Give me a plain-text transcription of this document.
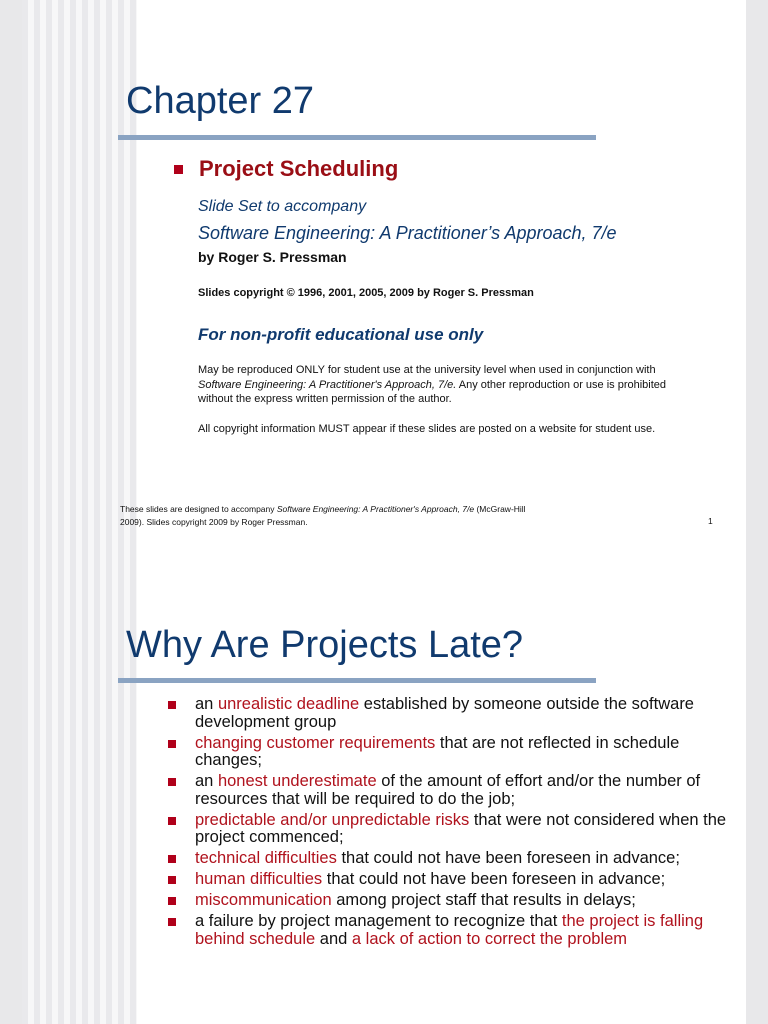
Chapter 27
Project Scheduling
Slide Set to accompany
Software Engineering: A Practitioner’s Approach, 7/e
by Roger S. Pressman
Slides copyright © 1996, 2001, 2005, 2009 by Roger S. Pressman
For non-profit educational use only

May be reproduced ONLY for student use at the university level when used in conjunction with Software Engineering: A Practitioner's Approach, 7/e. Any other reproduction or use is prohibited without the express written permission of the author.

All copyright information MUST appear if these slides are posted on a website for student use.

These slides are designed to accompany Software Engineering: A Practitioner's Approach, 7/e (McGraw-Hill 2009). Slides copyright 2009 by Roger Pressman.	1
Why Are Projects Late?
an unrealistic deadline established by someone outside the software development group
changing customer requirements that are not reflected in schedule changes;
an honest underestimate of the amount of effort and/or the number of resources that will be required to do the job;
predictable and/or unpredictable risks that were not considered when the project commenced;
technical difficulties that could not have been foreseen in advance;
human difficulties that could not have been foreseen in advance;
miscommunication among project staff that results in delays;
a failure by project management to recognize that the project is falling behind schedule and a lack of action to correct the problem
